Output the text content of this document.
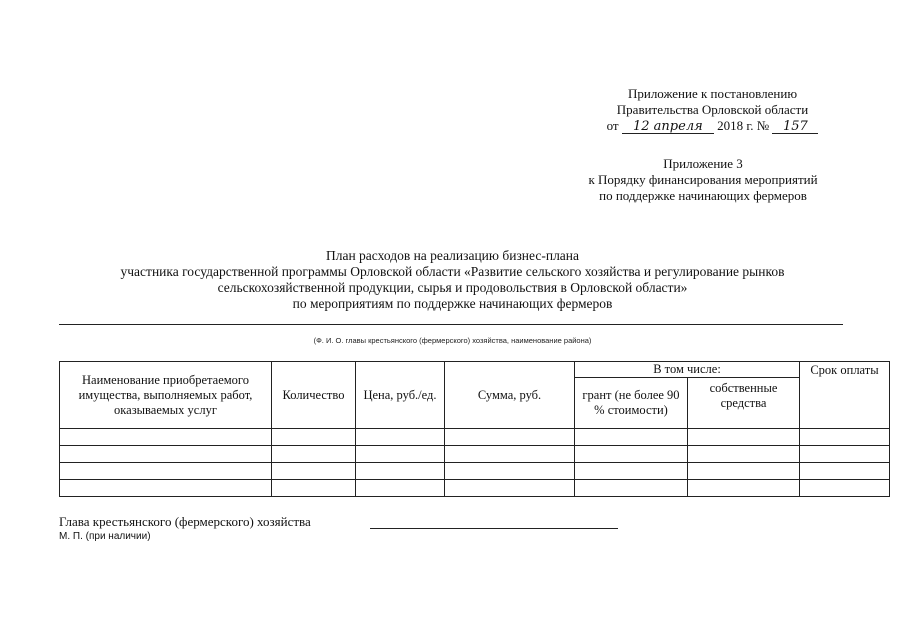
Приложение к постановлению
Правительства Орловской области
от 12 апреля 2018 г. № 157
Приложение 3
к Порядку финансирования мероприятий
по поддержке начинающих фермеров
План расходов на реализацию бизнес-плана
участника государственной программы Орловской области «Развитие сельского хозяйства и регулирование рынков
сельскохозяйственной продукции, сырья и продовольствия в Орловской области»
по мероприятиям по поддержке начинающих фермеров
(Ф. И. О. главы крестьянского (фермерского) хозяйства, наименование района)
Наименование приобретаемого имущества, выполняемых работ, оказываемых услуг	Количество	Цена, руб./ед.	Сумма, руб.	В том числе:		Срок оплаты
				грант (не более 90 % стоимости)	собственные средства	

Глава крестьянского (фермерского) хозяйства
М. П. (при наличии)
